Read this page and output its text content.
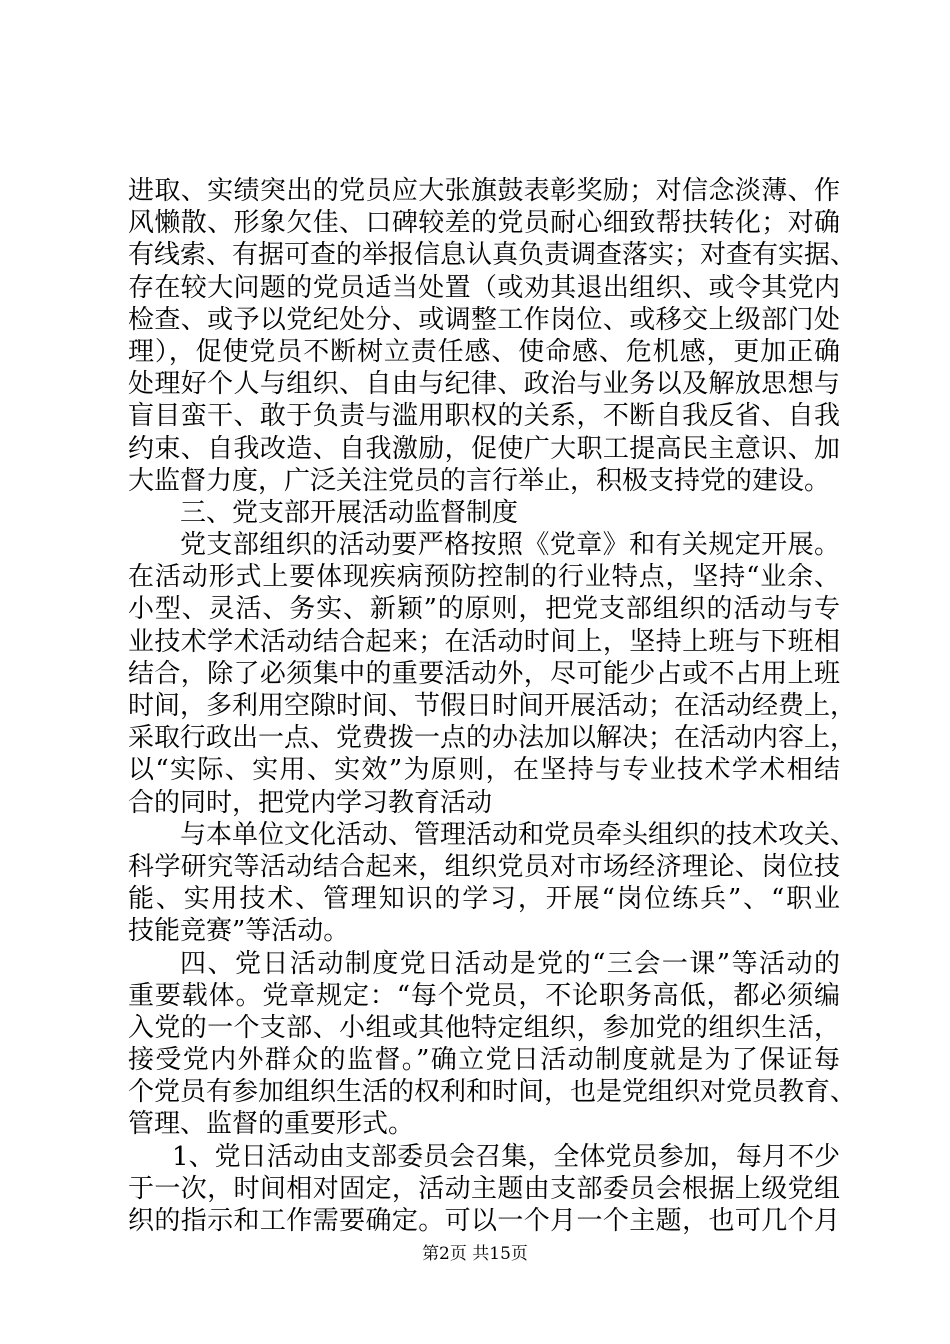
进取、实绩突出的党员应大张旗鼓表彰奖励；对信念淡薄、作
风懒散、形象欠佳、口碑较差的党员耐心细致帮扶转化；对确
有线索、有据可查的举报信息认真负责调查落实；对查有实据、
存在较大问题的党员适当处置（或劝其退出组织、或令其党内
检查、或予以党纪处分、或调整工作岗位、或移交上级部门处
理），促使党员不断树立责任感、使命感、危机感，更加正确
处理好个人与组织、自由与纪律、政治与业务以及解放思想与
盲目蛮干、敢于负责与滥用职权的关系，不断自我反省、自我
约束、自我改造、自我激励，促使广大职工提高民主意识、加
大监督力度，广泛关注党员的言行举止，积极支持党的建设。
三、党支部开展活动监督制度
党支部组织的活动要严格按照《党章》和有关规定开展。
在活动形式上要体现疾病预防控制的行业特点，坚持“业余、
小型、灵活、务实、新颖”的原则，把党支部组织的活动与专
业技术学术活动结合起来；在活动时间上，坚持上班与下班相
结合，除了必须集中的重要活动外，尽可能少占或不占用上班
时间，多利用空隙时间、节假日时间开展活动；在活动经费上，
采取行政出一点、党费拨一点的办法加以解决；在活动内容上，
以“实际、实用、实效”为原则，在坚持与专业技术学术相结
合的同时，把党内学习教育活动
与本单位文化活动、管理活动和党员牵头组织的技术攻关、
科学研究等活动结合起来，组织党员对市场经济理论、岗位技
能、实用技术、管理知识的学习，开展“岗位练兵”、“职业
技能竞赛”等活动。
四、党日活动制度党日活动是党的“三会一课”等活动的
重要载体。党章规定：“每个党员，不论职务高低，都必须编
入党的一个支部、小组或其他特定组织，参加党的组织生活，
接受党内外群众的监督。”确立党日活动制度就是为了保证每
个党员有参加组织生活的权利和时间，也是党组织对党员教育、
管理、监督的重要形式。
1、党日活动由支部委员会召集，全体党员参加，每月不少
于一次，时间相对固定，活动主题由支部委员会根据上级党组
织的指示和工作需要确定。可以一个月一个主题，也可几个月
第2页 共15页
